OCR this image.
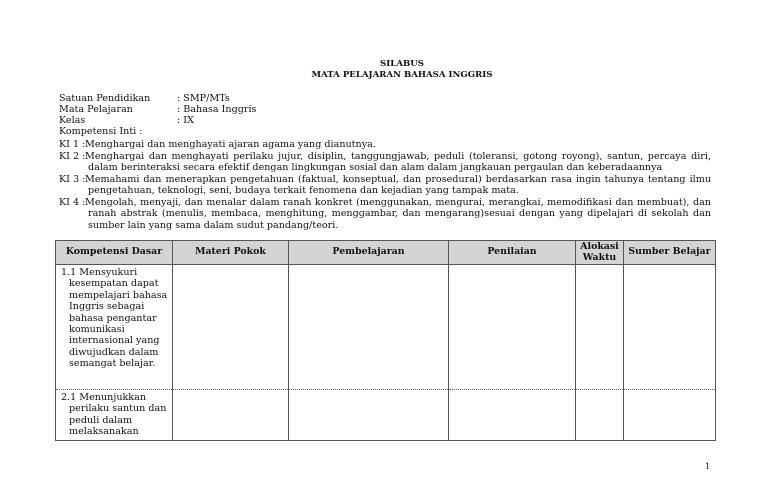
SILABUS
MATA PELAJARAN BAHASA INGGRIS
Satuan Pendidikan	: SMP/MTs
Mata Pelajaran	: Bahasa Inggris
Kelas	: IX
Kompetensi Inti :
KI 1 : Menghargai dan menghayati ajaran agama yang dianutnya.
KI 2 : Menghargai dan menghayati perilaku jujur, disiplin, tanggungjawab, peduli (toleransi, gotong royong), santun, percaya diri, dalam berinteraksi secara efektif dengan lingkungan sosial dan alam dalam jangkauan pergaulan dan keberadaannya
KI 3 : Memahami dan menerapkan pengetahuan (faktual, konseptual, dan prosedural) berdasarkan rasa ingin tahunya tentang ilmu pengetahuan, teknologi, seni, budaya terkait fenomena dan kejadian yang tampak mata.
KI 4 : Mengolah, menyaji, dan menalar dalam ranah konkret (menggunakan, mengurai, merangkai, memodifikasi dan membuat), dan ranah abstrak (menulis, membaca, menghitung, menggambar, dan mengarang)sesuai dengan yang dipelajari di sekolah dan sumber lain yang sama dalam sudut pandang/teori.
Kompetensi Dasar	Materi Pokok	Pembelajaran	Penilaian	Alokasi Waktu	Sumber Belajar

1.1 Mensyukuri kesempatan dapat mempelajari bahasa Inggris sebagai bahasa pengantar komunikasi internasional yang diwujudkan dalam semangat belajar.					

2.1 Menunjukkan perilaku santun dan peduli dalam melaksanakan					

1
